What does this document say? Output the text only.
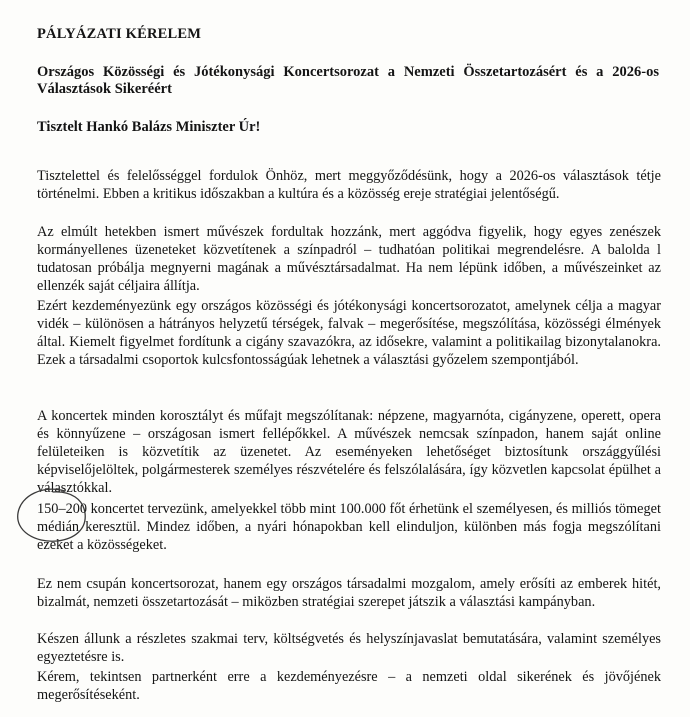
PÁLYÁZATI KÉRELEM

Országos Közösségi és Jótékonysági Koncertsorozat a Nemzeti Összetartozásért és a 2026-os Választások Sikeréért

Tisztelt Hankó Balázs Miniszter Úr!

Tisztelettel és felelősséggel fordulok Önhöz, mert meggyőződésünk, hogy a 2026-os választások tétje történelmi. Ebben a kritikus időszakban a kultúra és a közösség ereje stratégiai jelentőségű.

Az elmúlt hetekben ismert művészek fordultak hozzánk, mert aggódva figyelik, hogy egyes zenészek kormányellenes üzeneteket közvetítenek a színpadról – tudhatóan politikai megrendelésre. A balolda l tudatosan próbálja megnyerni magának a művésztársadalmat. Ha nem lépünk időben, a művészeinket az ellenzék saját céljaira állítja.

Ezért kezdeményezünk egy országos közösségi és jótékonysági koncertsorozatot, amelynek célja a magyar vidék – különösen a hátrányos helyzetű térségek, falvak – megerősítése, megszólítása, közösségi élmények által. Kiemelt figyelmet fordítunk a cigány szavazókra, az idősekre, valamint a politikailag bizonytalanokra. Ezek a társadalmi csoportok kulcsfontosságúak lehetnek a választási győzelem szempontjából.

A koncertek minden korosztályt és műfajt megszólítanak: népzene, magyarnóta, cigányzene, operett, opera és könnyűzene – országosan ismert fellépőkkel. A művészek nemcsak színpadon, hanem saját online felületeiken is közvetítik az üzenetet. Az eseményeken lehetőséget biztosítunk országgyűlési képviselőjelöltek, polgármesterek személyes részvételére és felszólalására, így közvetlen kapcsolat épülhet a választókkal.

150–200 koncertet tervezünk, amelyekkel több mint 100.000 főt érhetünk el személyesen, és milliós tömeget médián keresztül. Mindez időben, a nyári hónapokban kell elinduljon, különben más fogja megszólítani ezeket a közösségeket.

Ez nem csupán koncertsorozat, hanem egy országos társadalmi mozgalom, amely erősíti az emberek hitét, bizalmát, nemzeti összetartozását – miközben stratégiai szerepet játszik a választási kampányban.

Készen állunk a részletes szakmai terv, költségvetés és helyszínjavaslat bemutatására, valamint személyes egyeztetésre is.

Kérem, tekintsen partnerként erre a kezdeményezésre – a nemzeti oldal sikerének és jövőjének megerősítéseként.
